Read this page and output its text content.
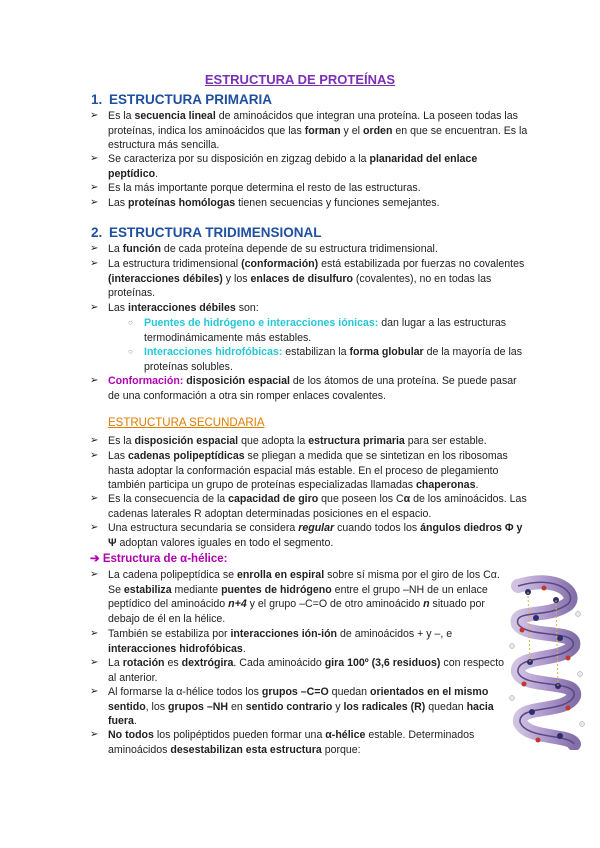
ESTRUCTURA DE PROTEÍNAS
1. ESTRUCTURA PRIMARIA
➢ Es la secuencia lineal de aminoácidos que integran una proteína. La poseen todas las proteínas, indica los aminoácidos que las forman y el orden en que se encuentran. Es la estructura más sencilla.
➢ Se caracteriza por su disposición en zigzag debido a la planaridad del enlace peptídico.
➢ Es la más importante porque determina el resto de las estructuras.
➢ Las proteínas homólogas tienen secuencias y funciones semejantes.
2. ESTRUCTURA TRIDIMENSIONAL
➢ La función de cada proteína depende de su estructura tridimensional.
➢ La estructura tridimensional (conformación) está estabilizada por fuerzas no covalentes (interacciones débiles) y los enlaces de disulfuro (covalentes), no en todas las proteínas.
➢ Las interacciones débiles son:
○ Puentes de hidrógeno e interacciones iónicas: dan lugar a las estructuras termodinámicamente más estables.
○ Interacciones hidrofóbicas: estabilizan la forma globular de la mayoría de las proteínas solubles.
➢ Conformación: disposición espacial de los átomos de una proteína. Se puede pasar de una conformación a otra sin romper enlaces covalentes.
ESTRUCTURA SECUNDARIA
➢ Es la disposición espacial que adopta la estructura primaria para ser estable.
➢ Las cadenas polipeptídicas se pliegan a medida que se sintetizan en los ribosomas hasta adoptar la conformación espacial más estable. En el proceso de plegamiento también participa un grupo de proteínas especializadas llamadas chaperonas.
➢ Es la consecuencia de la capacidad de giro que poseen los Cα de los aminoácidos. Las cadenas laterales R adoptan determinadas posiciones en el espacio.
➢ Una estructura secundaria se considera regular cuando todos los ángulos diedros Φ y Ψ adoptan valores iguales en todo el segmento.
➔ Estructura de α-hélice:
➢ La cadena polipeptídica se enrolla en espiral sobre sí misma por el giro de los Cα. Se estabiliza mediante puentes de hidrógeno entre el grupo –NH de un enlace peptídico del aminoácido n+4 y el grupo –C=O de otro aminoácido n situado por debajo de él en la hélice.
➢ También se estabiliza por interacciones ión-ión de aminoácidos + y –, e interacciones hidrofóbicas.
➢ La rotación es dextrógira. Cada aminoácido gira 100º (3,6 residuos) con respecto al anterior.
➢ Al formarse la α-hélice todos los grupos –C=O quedan orientados en el mismo sentido, los grupos –NH en sentido contrario y los radicales (R) quedan hacia fuera.
➢ No todos los polipéptidos pueden formar una α-hélice estable. Determinados aminoácidos desestabilizan esta estructura porque:
